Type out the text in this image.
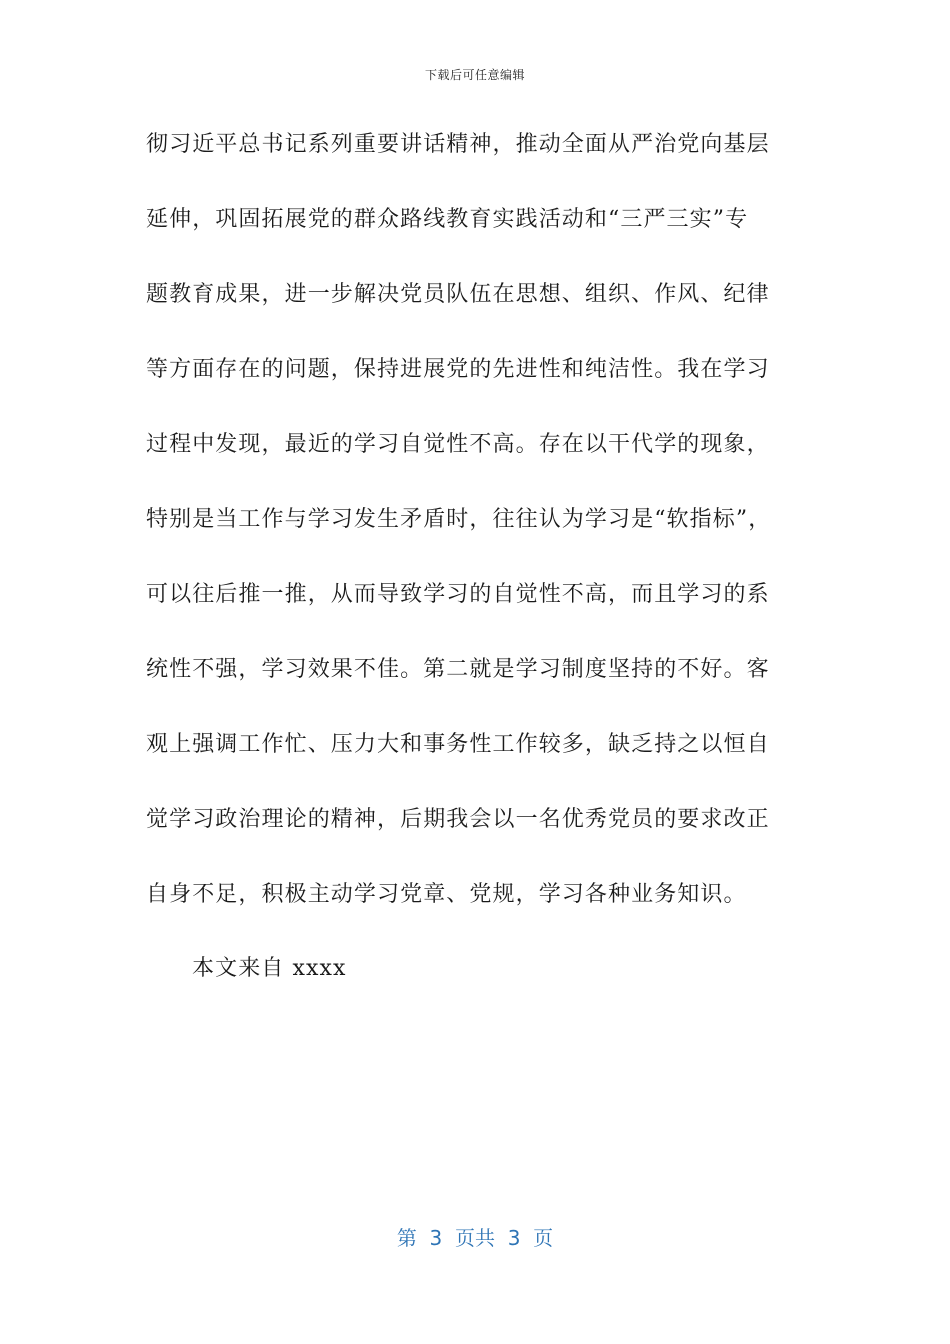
下载后可任意编辑
彻习近平总书记系列重要讲话精神，推动全面从严治党向基层
延伸，巩固拓展党的群众路线教育实践活动和“三严三实”专
题教育成果，进一步解决党员队伍在思想、组织、作风、纪律
等方面存在的问题，保持进展党的先进性和纯洁性。我在学习
过程中发现，最近的学习自觉性不高。存在以干代学的现象，
特别是当工作与学习发生矛盾时，往往认为学习是“软指标”，
可以往后推一推，从而导致学习的自觉性不高，而且学习的系
统性不强，学习效果不佳。第二就是学习制度坚持的不好。客
观上强调工作忙、压力大和事务性工作较多，缺乏持之以恒自
觉学习政治理论的精神，后期我会以一名优秀党员的要求改正
自身不足，积极主动学习党章、党规，学习各种业务知识。
本文来自 xxxx
第  3  页共  3  页
